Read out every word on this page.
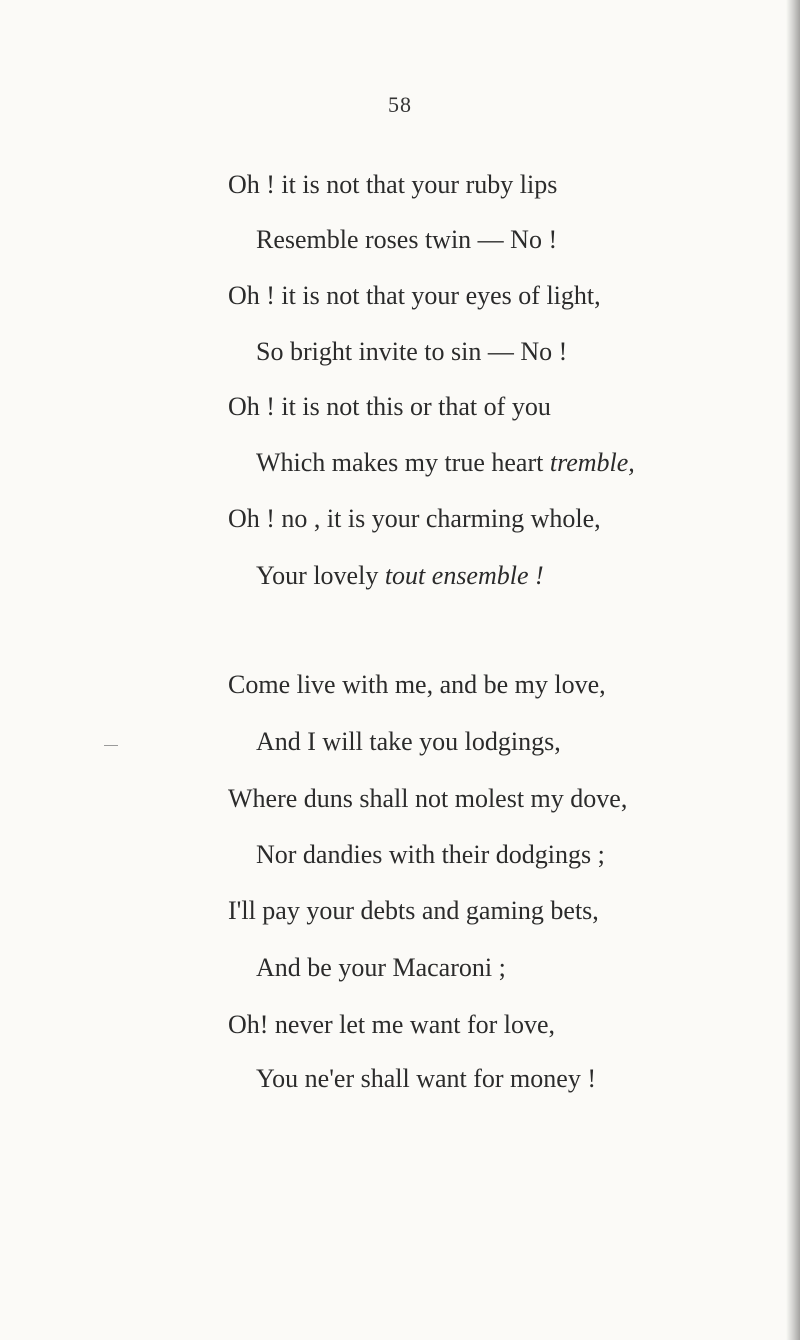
58
Oh ! it is not that your ruby lips
Resemble roses twin — No !
Oh ! it is not that your eyes of light,
So bright invite to sin — No !
Oh ! it is not this or that of you
Which makes my true heart tremble,
Oh ! no , it is your charming whole,
Your lovely tout ensemble !
Come live with me, and be my love,
And I will take you lodgings,
Where duns shall not molest my dove,
Nor dandies with their dodgings ;
I'll pay your debts and gaming bets,
And be your Macaroni ;
Oh! never let me want for love,
You ne'er shall want for money !
